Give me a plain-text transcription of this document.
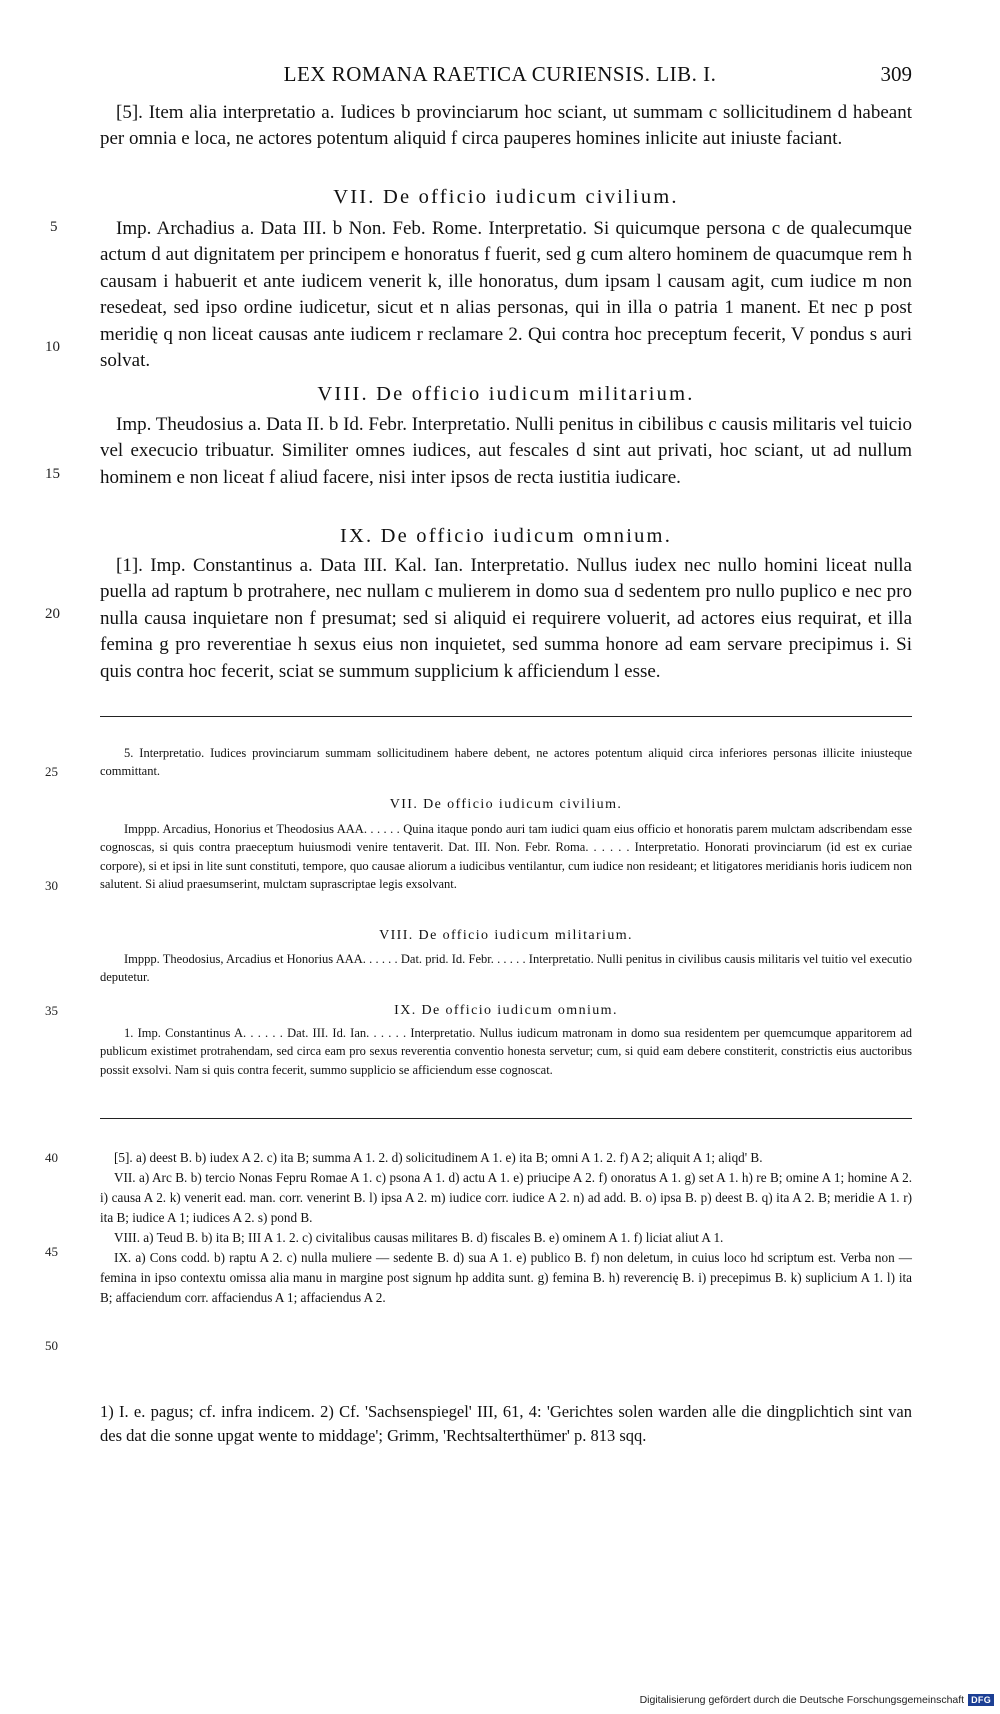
LEX ROMANA RAETICA CURIENSIS. LIB. I.	309

[5]. Item alia interpretatio a. Iudices b provinciarum hoc sciant, ut summam c sollicitudinem d habeant per omnia e loca, ne actores potentum aliquid f circa pauperes homines inlicite aut iniuste faciant.

VII. De officio iudicum civilium.
5	Imp. Archadius a. Data III. b Non. Feb. Rome. Interpretatio. Si quicumque persona c de qualecumque actum d aut dignitatem per principem e honoratus f fuerit, sed g cum altero hominem de quacumque rem h causam i habuerit et ante iudicem venerit k, ille honoratus, dum ipsam l causam agit, cum iudice m non resedeat, sed ipso ordine iudicetur, sicut et n alias personas, qui in illa o patria 1 manent. Et nec p post meridię q non liceat causas ante iudicem r reclamare 2. Qui contra hoc preceptum fecerit, V pondus s auri solvat.

10
VIII. De officio iudicum militarium.

Imp. Theudosius a. Data II. b Id. Febr. Interpretatio. Nulli penitus in cibilibus c causis militaris vel tuicio vel execucio tribuatur. Similiter omnes iudices, aut fescales d sint aut privati, hoc sciant, ut ad nullum hominem e non liceat f aliud facere, nisi inter ipsos de recta iustitia iudicare.

15
IX. De officio iudicum omnium.

[1]. Imp. Constantinus a. Data III. Kal. Ian. Interpretatio. Nullus iudex nec nullo homini liceat nulla puella ad raptum b protrahere, nec nullam c mulierem in domo sua d sedentem pro nullo puplico e nec pro nulla causa inquietare non f presumat; sed si aliquid ei requirere voluerit, ad actores eius requirat, et illa femina g pro reverentiae h sexus eius non inquietet, sed summa honore ad eam servare precipimus i. Si quis contra hoc fecerit, sciat se summum supplicium k afficiendum l esse.

20

5. Interpretatio. Iudices provinciarum summam sollicitudinem habere debent, ne actores potentum aliquid circa inferiores personas illicite iniusteque committant.

25
VII. De officio iudicum civilium.

Imppp. Arcadius, Honorius et Theodosius AAA. . . . . . Quina itaque pondo auri tam iudici quam eius officio et honoratis parem mulctam adscribendam esse cognoscas, si quis contra praeceptum huiusmodi venire tentaverit. Dat. III. Non. Febr. Roma. . . . . . Interpretatio. Honorati provinciarum (id est ex curiae corpore), si et ipsi in lite sunt constituti, tempore, quo causae aliorum a iudicibus ventilantur, cum iudice non resideant; et litigatores meridianis horis iudicem non salutent. Si aliud praesumserint, mulctam suprascriptae legis exsolvant.

30
VIII. De officio iudicum militarium.

Imppp. Theodosius, Arcadius et Honorius AAA. . . . . . Dat. prid. Id. Febr. . . . . . Interpretatio. Nulli penitus in civilibus causis militaris vel tuitio vel executio deputetur.

35	IX. De officio iudicum omnium.

1. Imp. Constantinus A. . . . . . Dat. III. Id. Ian. . . . . . Interpretatio. Nullus iudicum matronam in domo sua residentem per quemcumque apparitorem ad publicum existimet protrahendam, sed circa eam pro sexus reverentia conventio honesta servetur; cum, si quid eam debere constiterit, constrictis eius auctoribus possit exsolvi. Nam si quis contra fecerit, summo supplicio se afficiendum esse cognoscat.

40	[5]. a) deest B. b) iudex A 2. c) ita B; summa A 1. 2. d) solicitudinem A 1. e) ita B; omni A 1. 2. f) A 2; aliquit A 1; aliqd' B.

VII. a) Arc B. b) tercio Nonas Fepru Romae A 1. c) psona A 1. d) actu A 1. e) priucipe A 2. f) onoratus A 1. g) set A 1. h) re B; omine A 1; homine A 2. i) causa A 2. k) venerit ead. man. corr. venerint B. l) ipsa A 2. m) iudice corr. iudice A 2. n) ad add. B. o) ipsa B. p) deest B. q) ita A 2. B; meridie A 1. r) ita B; iudice A 1; iudices A 2. s) pond B.

VIII. a) Teud B. b) ita B; III A 1. 2. c) civitalibus causas militares B. d) fiscales B. e) ominem A 1. f) liciat aliut A 1.

IX. a) Cons codd. b) raptu A 2. c) nulla muliere — sedente B. d) sua A 1. e) publico B. f) non deletum, in cuius loco hd scriptum est. Verba non — femina in ipso contextu omissa alia manu in margine post signum hp addita sunt. g) femina B. h) reverencię B. i) precepimus B. k) suplicium A 1. l) ita B; affaciendum corr. affaciendus A 1; affaciendus A 2.

45
50

1) I. e. pagus; cf. infra indicem. 2) Cf. 'Sachsenspiegel' III, 61, 4: 'Gerichtes solen warden alle die dingplichtich sint van des dat die sonne upgat wente to middage'; Grimm, 'Rechtsalterthümer' p. 813 sqq.

Digitalisierung gefördert durch die Deutsche Forschungsgemeinschaft DFG
